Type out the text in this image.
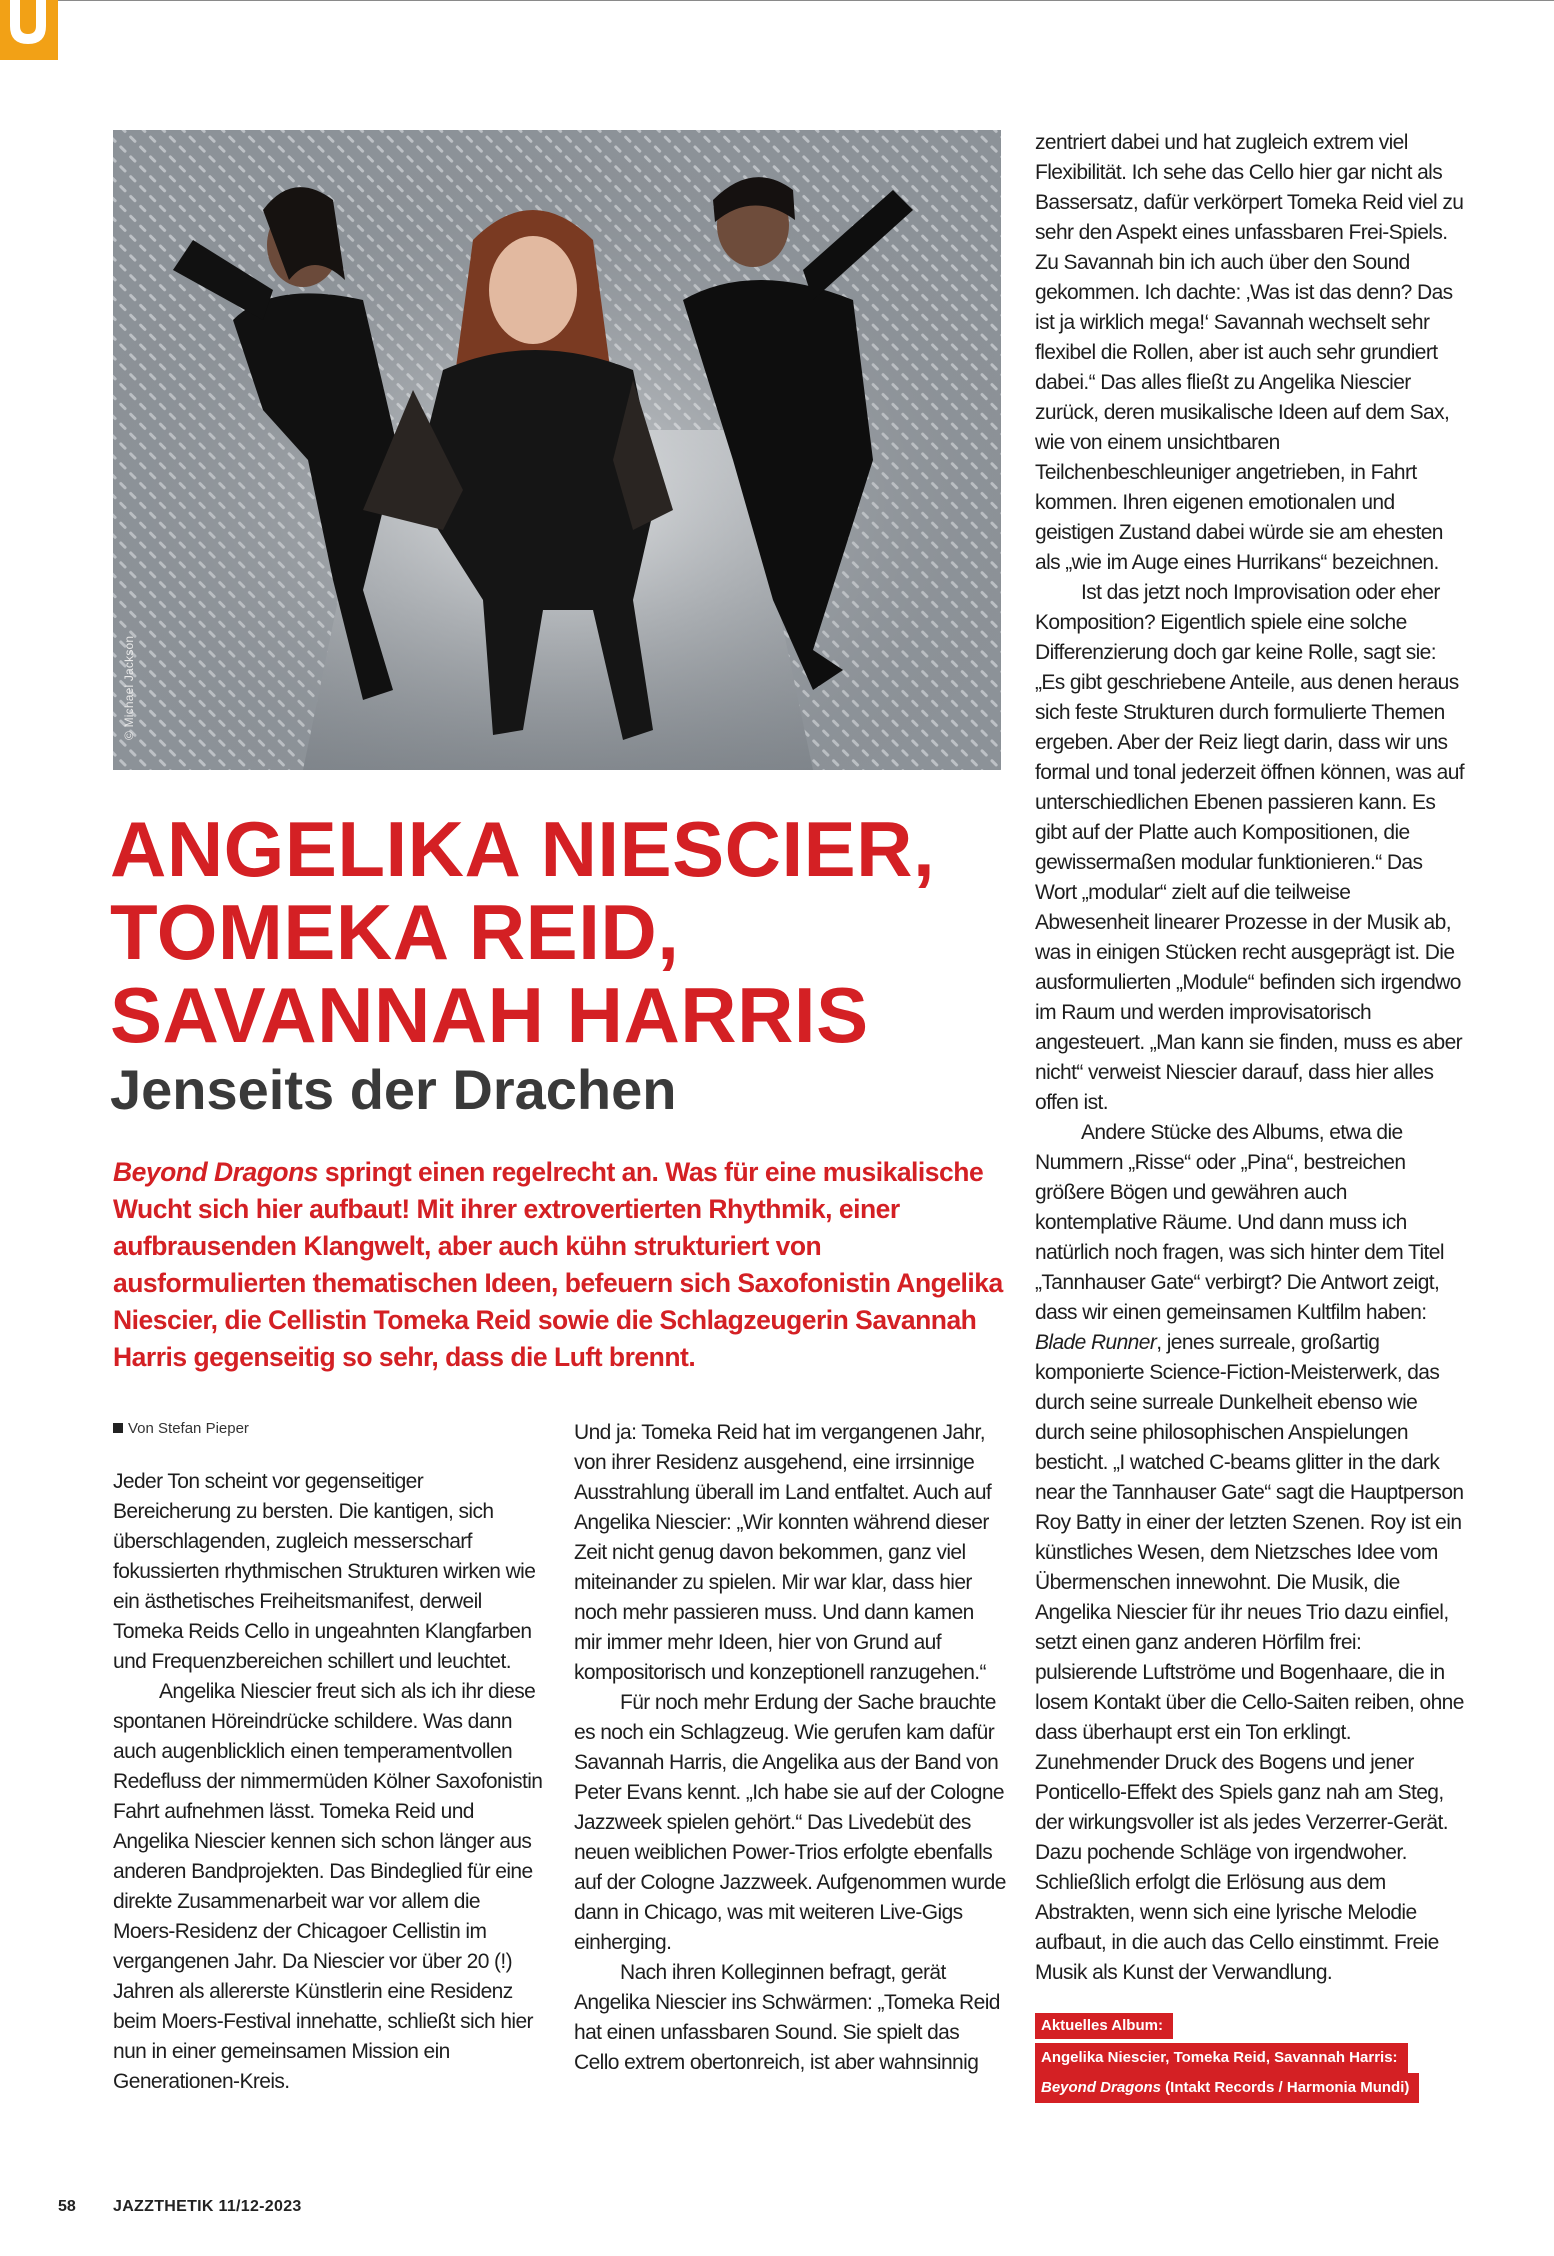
© Michael Jackson
ANGELIKA NIESCIER,
TOMEKA REID,
SAVANNAH HARRIS
Jenseits der Drachen

Beyond Dragons springt einen regelrecht an. Was für eine musikalische Wucht sich hier aufbaut! Mit ihrer extrovertierten Rhythmik, einer aufbrausenden Klangwelt, aber auch kühn strukturiert von ausformulierten thematischen Ideen, befeuern sich Saxofonistin Angelika Niescier, die Cellistin Tomeka Reid sowie die Schlagzeugerin Savannah Harris gegenseitig so sehr, dass die Luft brennt.

Von Stefan Pieper

Jeder Ton scheint vor gegenseitiger Bereicherung zu bersten. Die kantigen, sich überschlagenden, zugleich messerscharf fokussierten rhythmischen Strukturen wirken wie ein ästhetisches Freiheitsmanifest, derweil Tomeka Reids Cello in ungeahnten Klangfarben und Frequenzbereichen schillert und leuchtet.

Angelika Niescier freut sich als ich ihr diese spontanen Höreindrücke schildere. Was dann auch augenblicklich einen temperamentvollen Redefluss der nimmermüden Kölner Saxofonistin Fahrt aufnehmen lässt. Tomeka Reid und Angelika Niescier kennen sich schon länger aus anderen Bandprojekten. Das Bindeglied für eine direkte Zusammenarbeit war vor allem die Moers-Residenz der Chicagoer Cellistin im vergangenen Jahr. Da Niescier vor über 20 (!) Jahren als allererste Künstlerin eine Residenz beim Moers-Festival innehatte, schließt sich hier nun in einer gemeinsamen Mission ein Generationen-Kreis.

Und ja: Tomeka Reid hat im vergangenen Jahr, von ihrer Residenz ausgehend, eine irrsinnige Ausstrahlung überall im Land entfaltet. Auch auf Angelika Niescier: „Wir konnten während dieser Zeit nicht genug davon bekommen, ganz viel miteinander zu spielen. Mir war klar, dass hier noch mehr passieren muss. Und dann kamen mir immer mehr Ideen, hier von Grund auf kompositorisch und konzeptionell ranzugehen.“

Für noch mehr Erdung der Sache brauchte es noch ein Schlagzeug. Wie gerufen kam dafür Savannah Harris, die Angelika aus der Band von Peter Evans kennt. „Ich habe sie auf der Cologne Jazzweek spielen gehört.“ Das Livedebüt des neuen weiblichen Power-Trios erfolgte ebenfalls auf der Cologne Jazzweek. Aufgenommen wurde dann in Chicago, was mit weiteren Live-Gigs einherging.

Nach ihren Kolleginnen befragt, gerät Angelika Niescier ins Schwärmen: „Tomeka Reid hat einen unfassbaren Sound. Sie spielt das Cello extrem obertonreich, ist aber wahnsinnig

zentriert dabei und hat zugleich extrem viel Flexibilität. Ich sehe das Cello hier gar nicht als Bassersatz, dafür verkörpert Tomeka Reid viel zu sehr den Aspekt eines unfassbaren Frei-Spiels. Zu Savannah bin ich auch über den Sound gekommen. Ich dachte: ‚Was ist das denn? Das ist ja wirklich mega!‘ Savannah wechselt sehr flexibel die Rollen, aber ist auch sehr grundiert dabei.“ Das alles fließt zu Angelika Niescier zurück, deren musikalische Ideen auf dem Sax, wie von einem unsichtbaren Teilchenbeschleuniger angetrieben, in Fahrt kommen. Ihren eigenen emotionalen und geistigen Zustand dabei würde sie am ehesten als „wie im Auge eines Hurrikans“ bezeichnen.

Ist das jetzt noch Improvisation oder eher Komposition? Eigentlich spiele eine solche Differenzierung doch gar keine Rolle, sagt sie: „Es gibt geschriebene Anteile, aus denen heraus sich feste Strukturen durch formulierte Themen ergeben. Aber der Reiz liegt darin, dass wir uns formal und tonal jederzeit öffnen können, was auf unterschiedlichen Ebenen passieren kann. Es gibt auf der Platte auch Kompositionen, die gewissermaßen modular funktionieren.“ Das Wort „modular“ zielt auf die teilweise Abwesenheit linearer Prozesse in der Musik ab, was in einigen Stücken recht ausgeprägt ist. Die ausformulierten „Module“ befinden sich irgendwo im Raum und werden improvisatorisch angesteuert. „Man kann sie finden, muss es aber nicht“ verweist Niescier darauf, dass hier alles offen ist.

Andere Stücke des Albums, etwa die Nummern „Risse“ oder „Pina“, bestreichen größere Bögen und gewähren auch kontemplative Räume. Und dann muss ich natürlich noch fragen, was sich hinter dem Titel „Tannhauser Gate“ verbirgt? Die Antwort zeigt, dass wir einen gemeinsamen Kultfilm haben: Blade Runner, jenes surreale, großartig komponierte Science-Fiction-Meisterwerk, das durch seine surreale Dunkelheit ebenso wie durch seine philosophischen Anspielungen besticht. „I watched C-beams glitter in the dark near the Tannhauser Gate“ sagt die Hauptperson Roy Batty in einer der letzten Szenen. Roy ist ein künstliches Wesen, dem Nietzsches Idee vom Übermenschen innewohnt. Die Musik, die Angelika Niescier für ihr neues Trio dazu einfiel, setzt einen ganz anderen Hörfilm frei: pulsierende Luftströme und Bogenhaare, die in losem Kontakt über die Cello-Saiten reiben, ohne dass überhaupt erst ein Ton erklingt. Zunehmender Druck des Bogens und jener Ponticello-Effekt des Spiels ganz nah am Steg, der wirkungsvoller ist als jedes Verzerrer-Gerät. Dazu pochende Schläge von irgendwoher. Schließlich erfolgt die Erlösung aus dem Abstrakten, wenn sich eine lyrische Melodie aufbaut, in die auch das Cello einstimmt. Freie Musik als Kunst der Verwandlung.

Aktuelles Album:
Angelika Niescier, Tomeka Reid, Savannah Harris:
Beyond Dragons (Intakt Records / Harmonia Mundi)
58 JAZZTHETIK 11/12-2023
